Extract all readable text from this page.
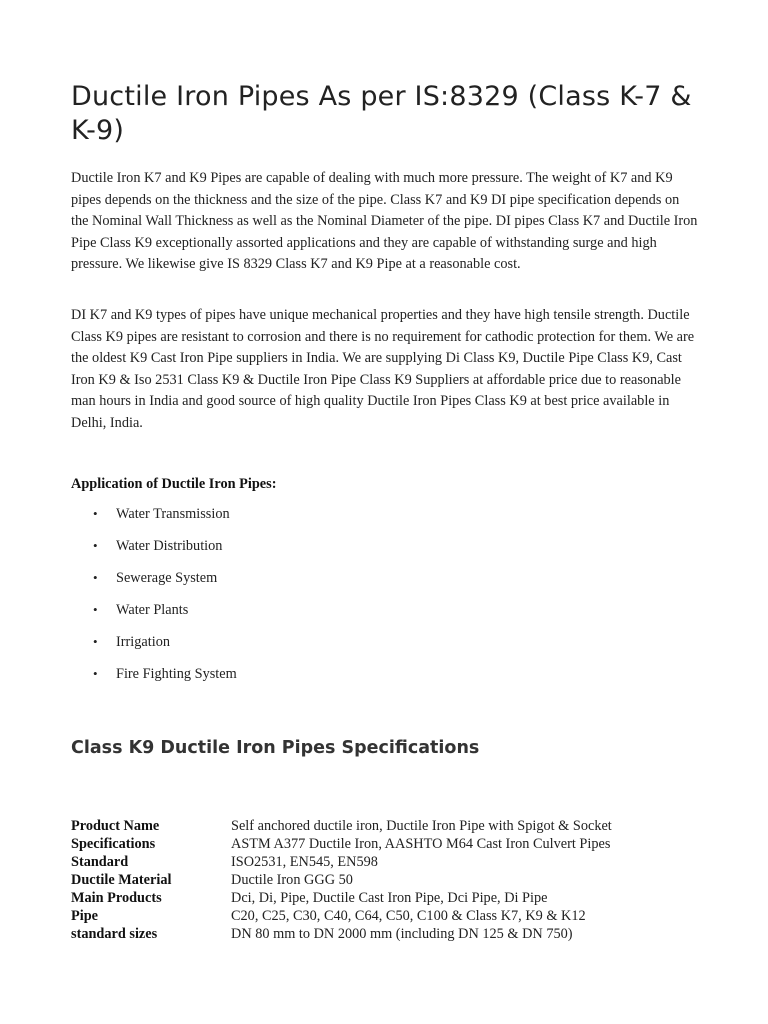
Ductile Iron Pipes As per IS:8329 (Class K-7 & K-9)

Ductile Iron K7 and K9 Pipes are capable of dealing with much more pressure. The weight of K7 and K9 pipes depends on the thickness and the size of the pipe. Class K7 and K9 DI pipe specification depends on the Nominal Wall Thickness as well as the Nominal Diameter of the pipe. DI pipes Class K7 and Ductile Iron Pipe Class K9 exceptionally assorted applications and they are capable of withstanding surge and high pressure. We likewise give IS 8329 Class K7 and K9 Pipe at a reasonable cost.

DI K7 and K9 types of pipes have unique mechanical properties and they have high tensile strength. Ductile Class K9 pipes are resistant to corrosion and there is no requirement for cathodic protection for them. We are the oldest K9 Cast Iron Pipe suppliers in India. We are supplying Di Class K9, Ductile Pipe Class K9, Cast Iron K9 & Iso 2531 Class K9 & Ductile Iron Pipe Class K9 Suppliers at affordable price due to reasonable man hours in India and good source of high quality Ductile Iron Pipes Class K9 at best price available in Delhi, India.

Application of Ductile Iron Pipes:

• Water Transmission
• Water Distribution
• Sewerage System
• Water Plants
• Irrigation
• Fire Fighting System
Class K9 Ductile Iron Pipes Specifications
Product Name	Self anchored ductile iron, Ductile Iron Pipe with Spigot & Socket
Specifications	ASTM A377 Ductile Iron, AASHTO M64 Cast Iron Culvert Pipes
Standard	ISO2531, EN545, EN598
Ductile Material	Ductile Iron GGG 50
Main Products	Dci, Di, Pipe, Ductile Cast Iron Pipe, Dci Pipe, Di Pipe
Pipe	C20, C25, C30, C40, C64, C50, C100 & Class K7, K9 & K12
standard sizes	DN 80 mm to DN 2000 mm (including DN 125 & DN 750)
